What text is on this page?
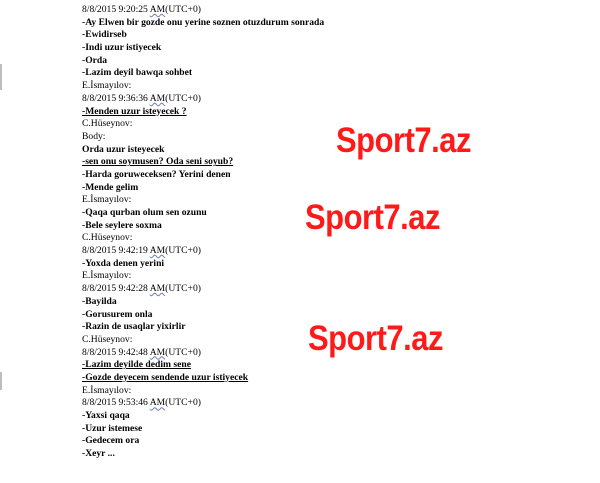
8/8/2015 9:20:25 AM(UTC+0)
-Ay Elwen bir gozde onu yerine soznen otuzdurum sonrada
-Ewidirseb
-Indi uzur istiyecek
-Orda
-Lazim deyil bawqa sohbet
E.İsmayılov:
8/8/2015 9:36:36 AM(UTC+0)
-Menden uzur isteyecek ?
C.Hüseynov:
Body:
Orda uzur isteyecek
-sen onu soymusen? Oda seni soyub?
-Harda goruweceksen? Yerini denen
-Mende gelim
E.İsmayılov:
-Qaqa qurban olum sen ozunu
-Bele seylere soxma
C.Hüseynov:
8/8/2015 9:42:19 AM(UTC+0)
-Yoxda denen yerini
E.İsmayılov:
8/8/2015 9:42:28 AM(UTC+0)
-Bayilda
-Gorusurem onla
-Razin de usaqlar yixirlir
C.Hüseynov:
8/8/2015 9:42:48 AM(UTC+0)
-Lazim deyilde dedim sene
-Gozde deyecem sendende uzur istiyecek
E.İsmayılov:
8/8/2015 9:53:46 AM(UTC+0)
-Yaxsi qaqa
-Uzur istemese
-Gedecem ora
-Xeyr ...
Sport7.az
Sport7.az
Sport7.az
